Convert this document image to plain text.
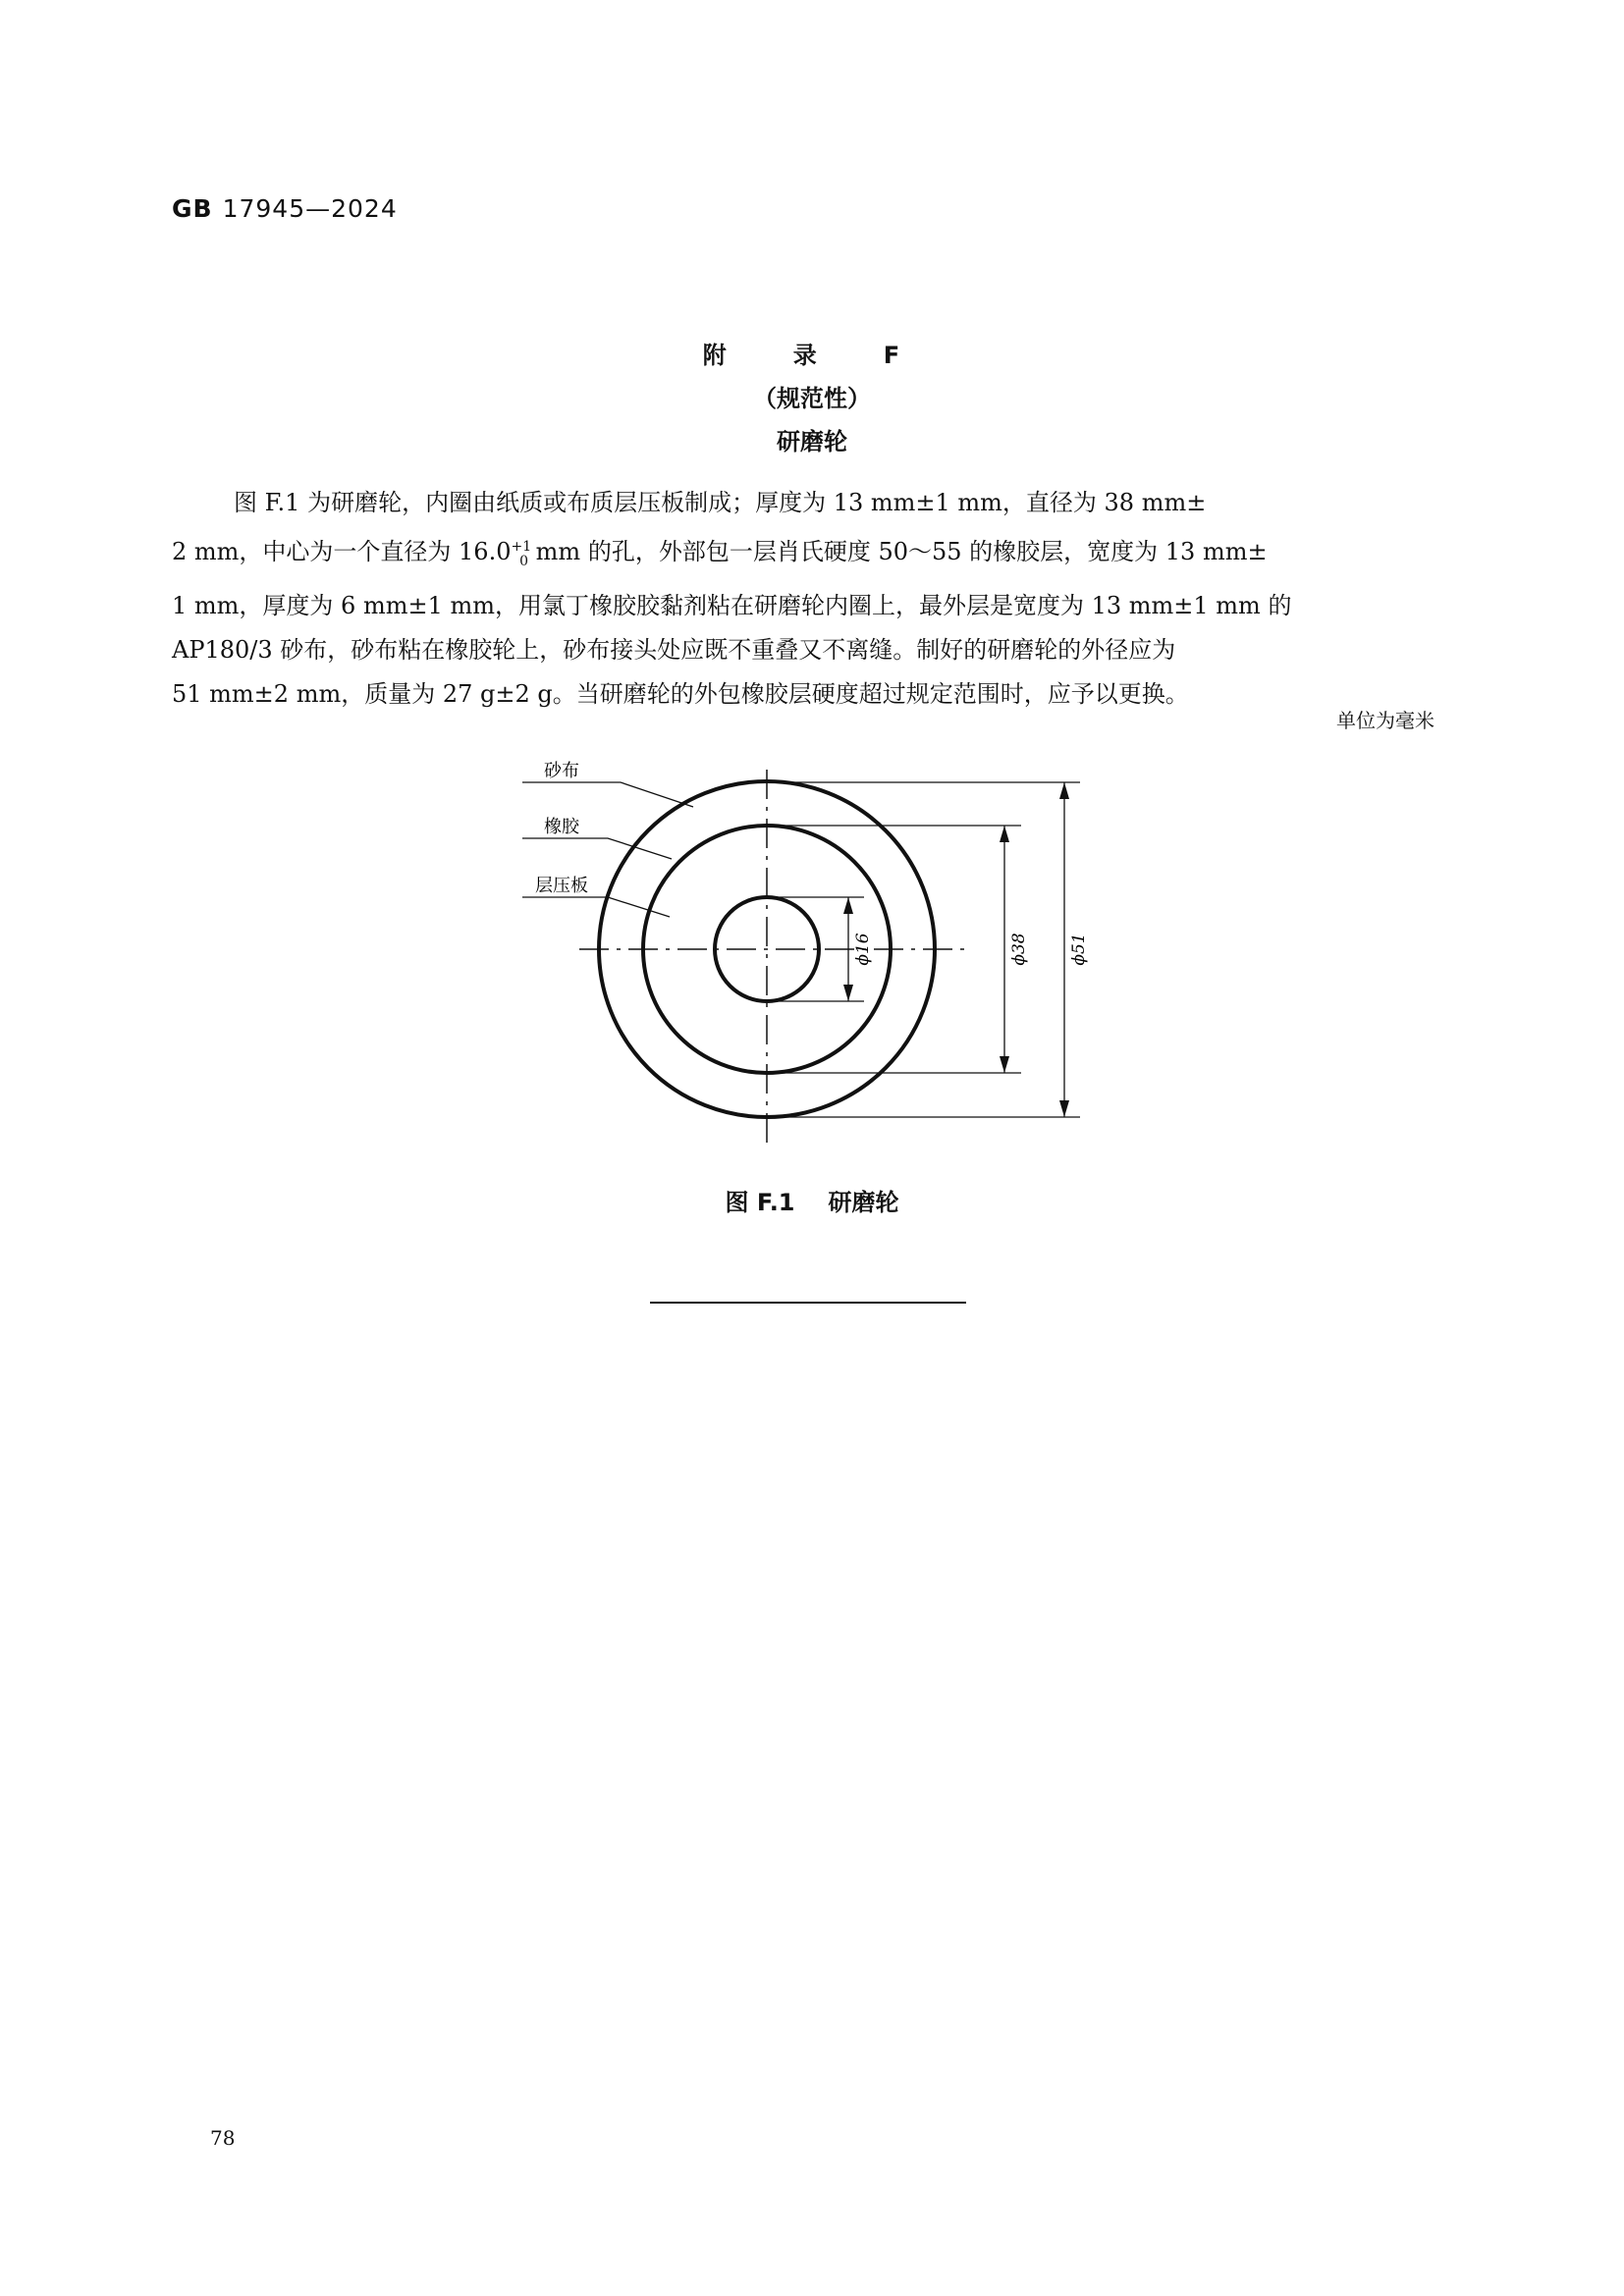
GB 17945—2024
附　录　F
（规范性）
研磨轮
图 F.1 为研磨轮，内圈由纸质或布质层压板制成；厚度为 13 mm±1 mm，直径为 38 mm±
2 mm，中心为一个直径为 $16.0^{+1}_0$ mm 的孔，外部包一层肖氏硬度 50～55 的橡胶层，宽度为 13 mm±
1 mm，厚度为 6 mm±1 mm，用氯丁橡胶胶黏剂粘在研磨轮内圈上，最外层是宽度为 13 mm±1 mm 的
AP180/3 砂布，砂布粘在橡胶轮上，砂布接头处应既不重叠又不离缝。制好的研磨轮的外径应为
51 mm±2 mm，质量为 27 g±2 g。当研磨轮的外包橡胶层硬度超过规定范围时，应予以更换。
单位为毫米
ϕ51
ϕ38
ϕ16
砂布
橡胶
层压板
图 F.1 研磨轮
78
